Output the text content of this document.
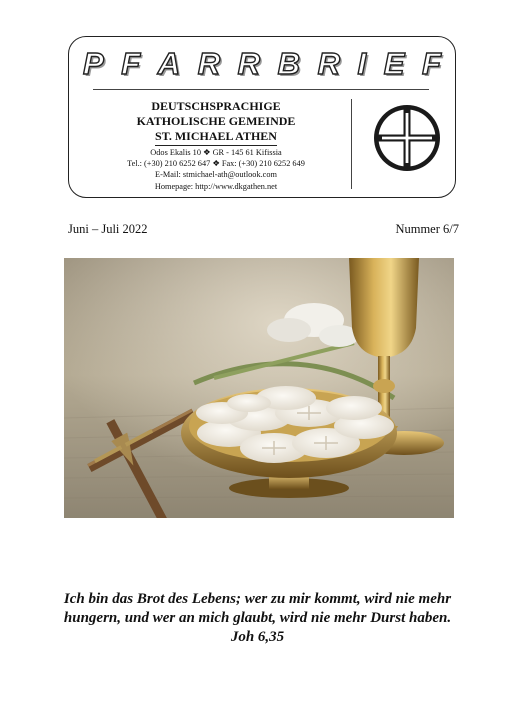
P F A R R B R I E F
DEUTSCHSPRACHIGE
KATHOLISCHE GEMEINDE
ST. MICHAEL ATHEN
Odos Ekalis 10 ❖ GR - 145 61 Kifissia
Tel.: (+30) 210 6252 647 ❖ Fax: (+30) 210 6252 649
E-Mail: stmichael-ath@outlook.com
Homepage: http://www.dkgathen.net
Juni – Juli 2022	Nummer 6/7
Ich bin das Brot des Lebens; wer zu mir kommt, wird nie mehr
hungern, und wer an mich glaubt, wird nie mehr Durst haben.
Joh 6,35
